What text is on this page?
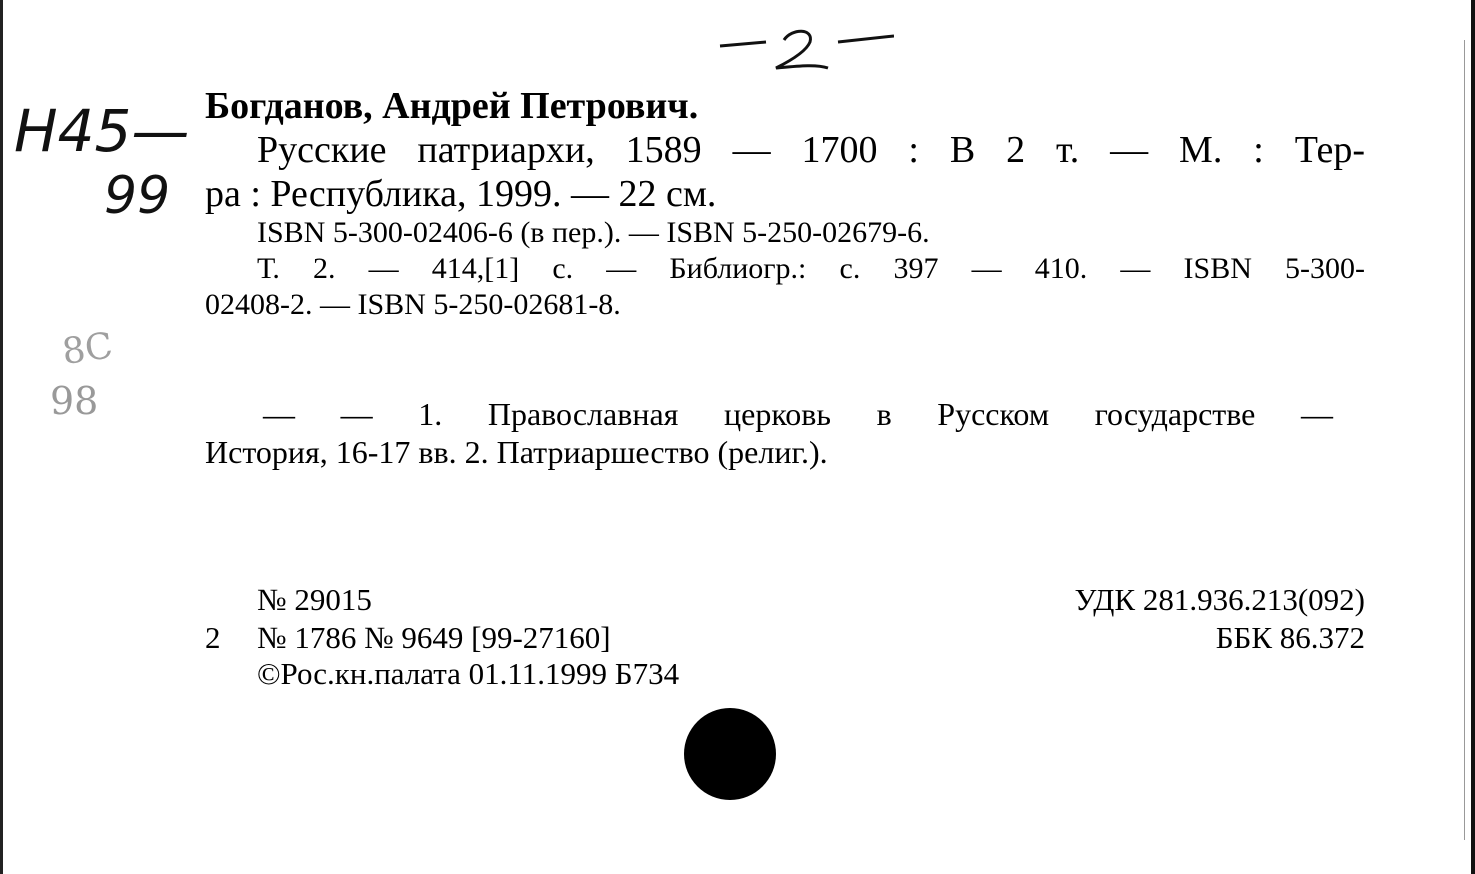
Н45—
99
8С
98
Богданов, Андрей Петрович.
Русские патриархи, 1589 — 1700 : В 2 т. — М. : Тер-
ра : Республика, 1999. — 22 см.
ISBN 5-300-02406-6 (в пер.). — ISBN 5-250-02679-6.
Т. 2. — 414,[1] с. — Библиогр.: с. 397 — 410. — ISBN 5-300-
02408-2. — ISBN 5-250-02681-8.
— — 1. Православная церковь в Русском государстве —
История, 16-17 вв. 2. Патриаршество (религ.).
№ 29015
2 № 1786 № 9649 [99-27160]
©Рос.кн.палата 01.11.1999 Б734
УДК 281.936.213(092)
ББК 86.372
